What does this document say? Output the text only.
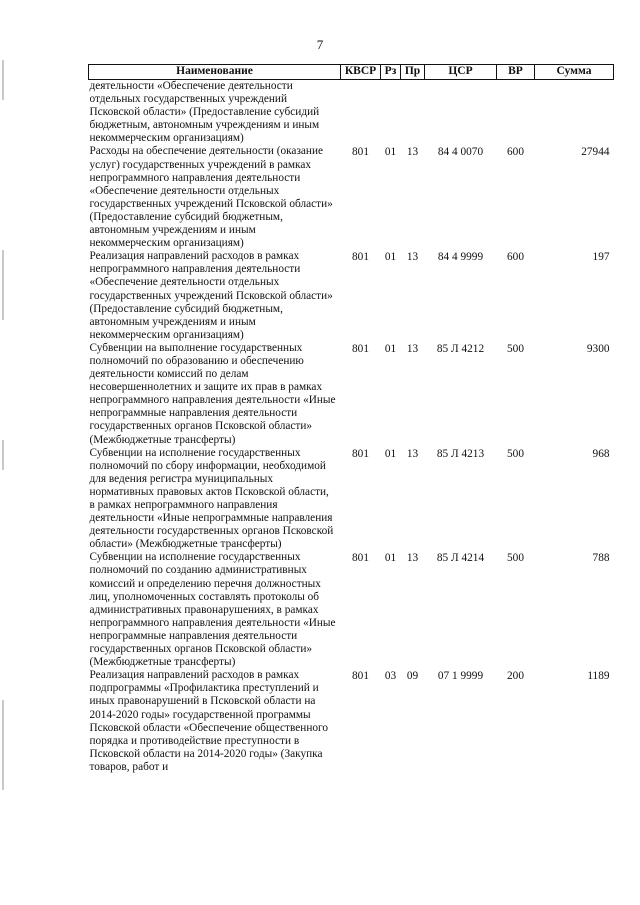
7
Наименование	КВСР	Рз	Пр	ЦСР	ВР	Сумма
деятельности «Обеспечение деятельности отдельных государственных учреждений Псковской области» (Предоставление субсидий бюджетным, автономным учреждениям и иным некоммерческим организациям)						
Расходы на обеспечение деятельности (оказание услуг) государственных учреждений в рамках непрограммного направления деятельности «Обеспечение деятельности отдельных государственных учреждений Псковской области» (Предоставление субсидий бюджетным, автономным учреждениям и иным некоммерческим организациям)	801	01	13	84 4 0070	600	27944
Реализация направлений расходов в рамках непрограммного направления деятельности «Обеспечение деятельности отдельных государственных учреждений Псковской области» (Предоставление субсидий бюджетным, автономным учреждениям и иным некоммерческим организациям)	801	01	13	84 4 9999	600	197
Субвенции на выполнение государственных полномочий по образованию и обеспечению деятельности комиссий по делам несовершеннолетних и защите их прав в рамках непрограммного направления деятельности «Иные непрограммные направления деятельности государственных органов Псковской области» (Межбюджетные трансферты)	801	01	13	85 Л 4212	500	9300
Субвенции на исполнение государственных полномочий по сбору информации, необходимой для ведения регистра муниципальных нормативных правовых актов Псковской области, в рамках непрограммного направления деятельности «Иные непрограммные направления деятельности государственных органов Псковской области» (Межбюджетные трансферты)	801	01	13	85 Л 4213	500	968
Субвенции на исполнение государственных полномочий по созданию административных комиссий и определению перечня должностных лиц, уполномоченных составлять протоколы об административных правонарушениях, в рамках непрограммного направления деятельности «Иные непрограммные направления деятельности государственных органов Псковской области» (Межбюджетные трансферты)	801	01	13	85 Л 4214	500	788
Реализация направлений расходов в рамках подпрограммы «Профилактика преступлений и иных правонарушений в Псковской области на 2014-2020 годы» государственной программы Псковской области «Обеспечение общественного порядка и противодействие преступности в Псковской области на 2014-2020 годы» (Закупка товаров, работ и	801	03	09	07 1 9999	200	1189
